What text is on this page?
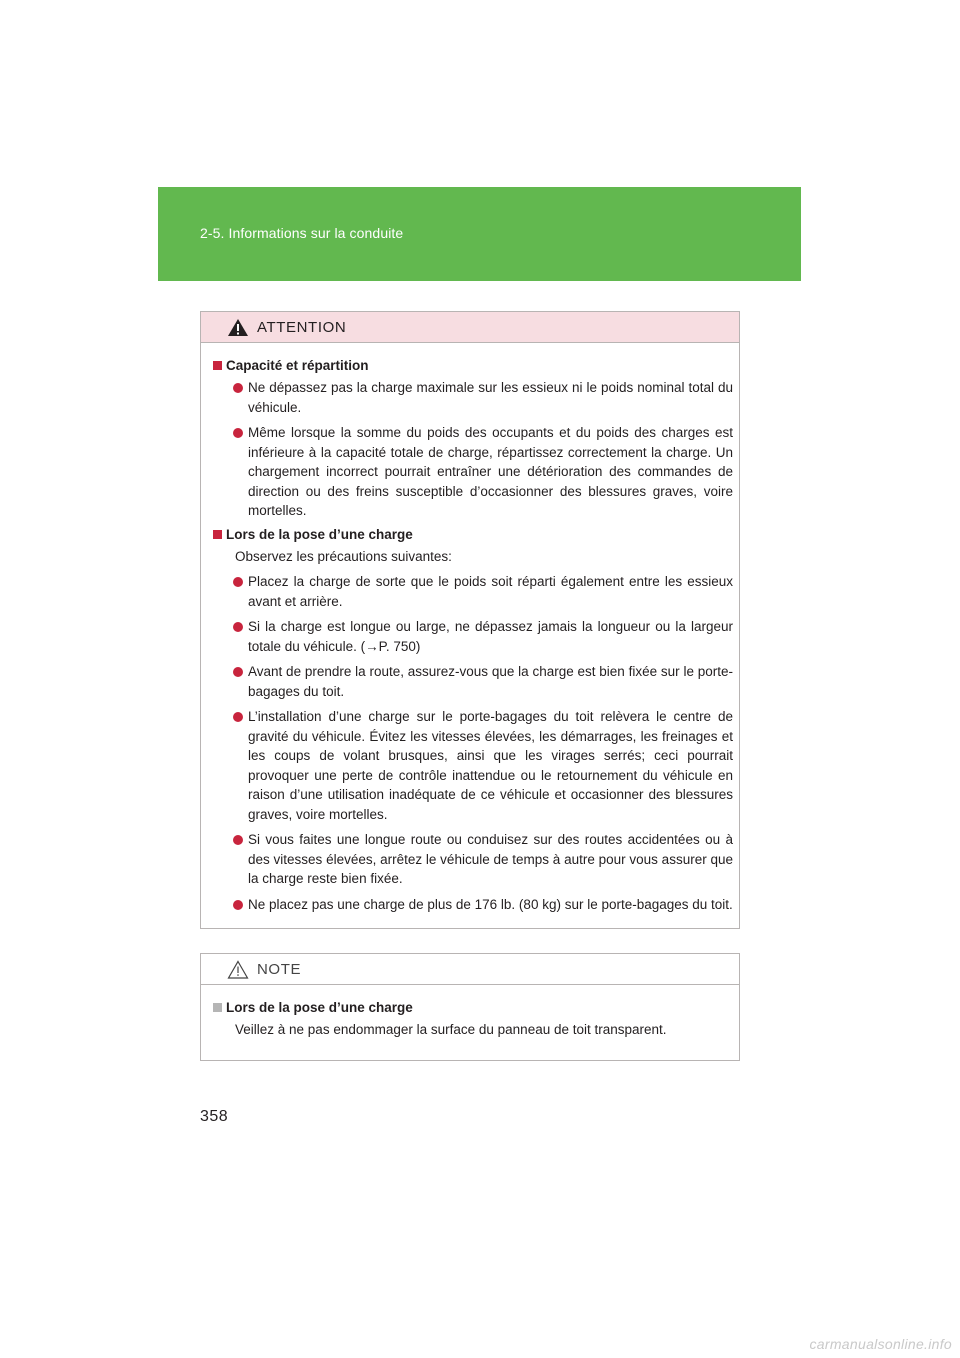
2-5. Informations sur la conduite
ATTENTION
Capacité et répartition
Ne dépassez pas la charge maximale sur les essieux ni le poids nominal total du véhicule.
Même lorsque la somme du poids des occupants et du poids des charges est inférieure à la capacité totale de charge, répartissez correctement la charge. Un chargement incorrect pourrait entraîner une détérioration des commandes de direction ou des freins susceptible d’occasionner des blessures graves, voire mortelles.
Lors de la pose d’une charge
Observez les précautions suivantes:
Placez la charge de sorte que le poids soit réparti également entre les essieux avant et arrière.
Si la charge est longue ou large, ne dépassez jamais la longueur ou la largeur totale du véhicule. (→P. 750)
Avant de prendre la route, assurez-vous que la charge est bien fixée sur le porte-bagages du toit.
L’installation d’une charge sur le porte-bagages du toit relèvera le centre de gravité du véhicule. Évitez les vitesses élevées, les démarrages, les freinages et les coups de volant brusques, ainsi que les virages serrés; ceci pourrait provoquer une perte de contrôle inattendue ou le retournement du véhicule en raison d’une utilisation inadéquate de ce véhicule et occasionner des blessures graves, voire mortelles.
Si vous faites une longue route ou conduisez sur des routes accidentées ou à des vitesses élevées, arrêtez le véhicule de temps à autre pour vous assurer que la charge reste bien fixée.
Ne placez pas une charge de plus de 176 lb. (80 kg) sur le porte-bagages du toit.
NOTE
Lors de la pose d’une charge
Veillez à ne pas endommager la surface du panneau de toit transparent.
358
carmanualsonline.info
